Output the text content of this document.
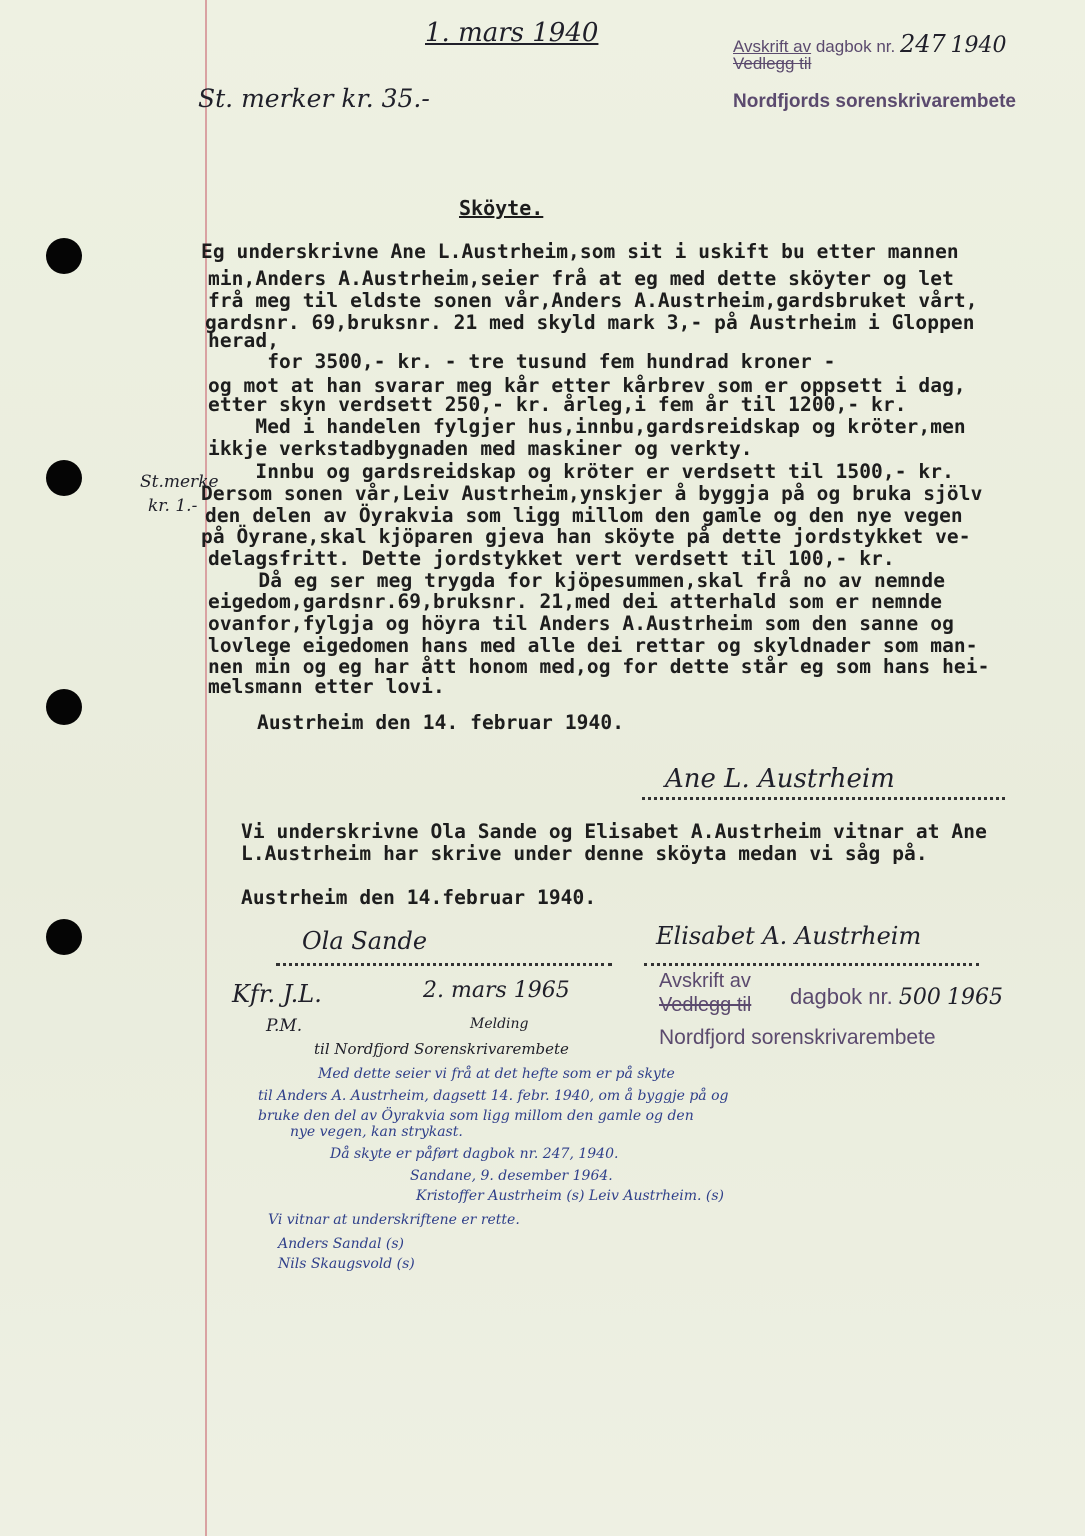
1. mars 1940
St. merker kr. 35.-
Avskrift av dagbok nr. 247 1940
Vedlegg til
Nordfjords sorenskrivarembete
Sköyte.
Eg underskrivne Ane L.Austrheim,som sit i uskift bu etter mannen
min,Anders A.Austrheim,seier frå at eg med dette sköyter og let
frå meg til eldste sonen vår,Anders A.Austrheim,gardsbruket vårt,
gardsnr. 69,bruksnr. 21 med skyld mark 3,- på Austrheim i Gloppen
herad,
for 3500,- kr. - tre tusund fem hundrad kroner -
og mot at han svarar meg kår etter kårbrev som er oppsett i dag,
etter skyn verdsett 250,- kr. årleg,i fem år til 1200,- kr.
Med i handelen fylgjer hus,innbu,gardsreidskap og kröter,men
ikkje verkstadbygnaden med maskiner og verkty.
Innbu og gardsreidskap og kröter er verdsett til 1500,- kr.
Dersom sonen vår,Leiv Austrheim,ynskjer å byggja på og bruka sjölv
den delen av Öyrakvia som ligg millom den gamle og den nye vegen
på Öyrane,skal kjöparen gjeva han sköyte på dette jordstykket ve-
delagsfritt. Dette jordstykket vert verdsett til 100,- kr.
Då eg ser meg trygda for kjöpesummen,skal frå no av nemnde
eigedom,gardsnr.69,bruksnr. 21,med dei atterhald som er nemnde
ovanfor,fylgja og höyra til Anders A.Austrheim som den sanne og
lovlege eigedomen hans med alle dei rettar og skyldnader som man-
nen min og eg har ått honom med,og for dette står eg som hans hei-
melsmann etter lovi.
St.merke
kr. 1.-
Austrheim den 14. februar 1940.
Ane L. Austrheim
Vi underskrivne Ola Sande og Elisabet A.Austrheim vitnar at Ane
L.Austrheim har skrive under denne sköyta medan vi såg på.
Austrheim den 14.februar 1940.
Ola Sande	Elisabet A. Austrheim
Kfr. J.L.
P.M.
2. mars 1965	Avskrift av
Vedlegg til dagbok nr. 500 1965
Nordfjord sorenskrivarembete
Melding
til Nordfjord Sorenskrivarembete
Med dette seier vi frå at det hefte som er på skyte
til Anders A. Austrheim, dagsett 14. febr. 1940, om å byggje på og
bruke den del av Öyrakvia som ligg millom den gamle og den
nye vegen, kan strykast.
Då skyte er påført dagbok nr. 247, 1940.
Sandane, 9. desember 1964.
Kristoffer Austrheim (s) Leiv Austrheim. (s)
Vi vitnar at underskriftene er rette.
Anders Sandal (s)
Nils Skaugsvold (s)
